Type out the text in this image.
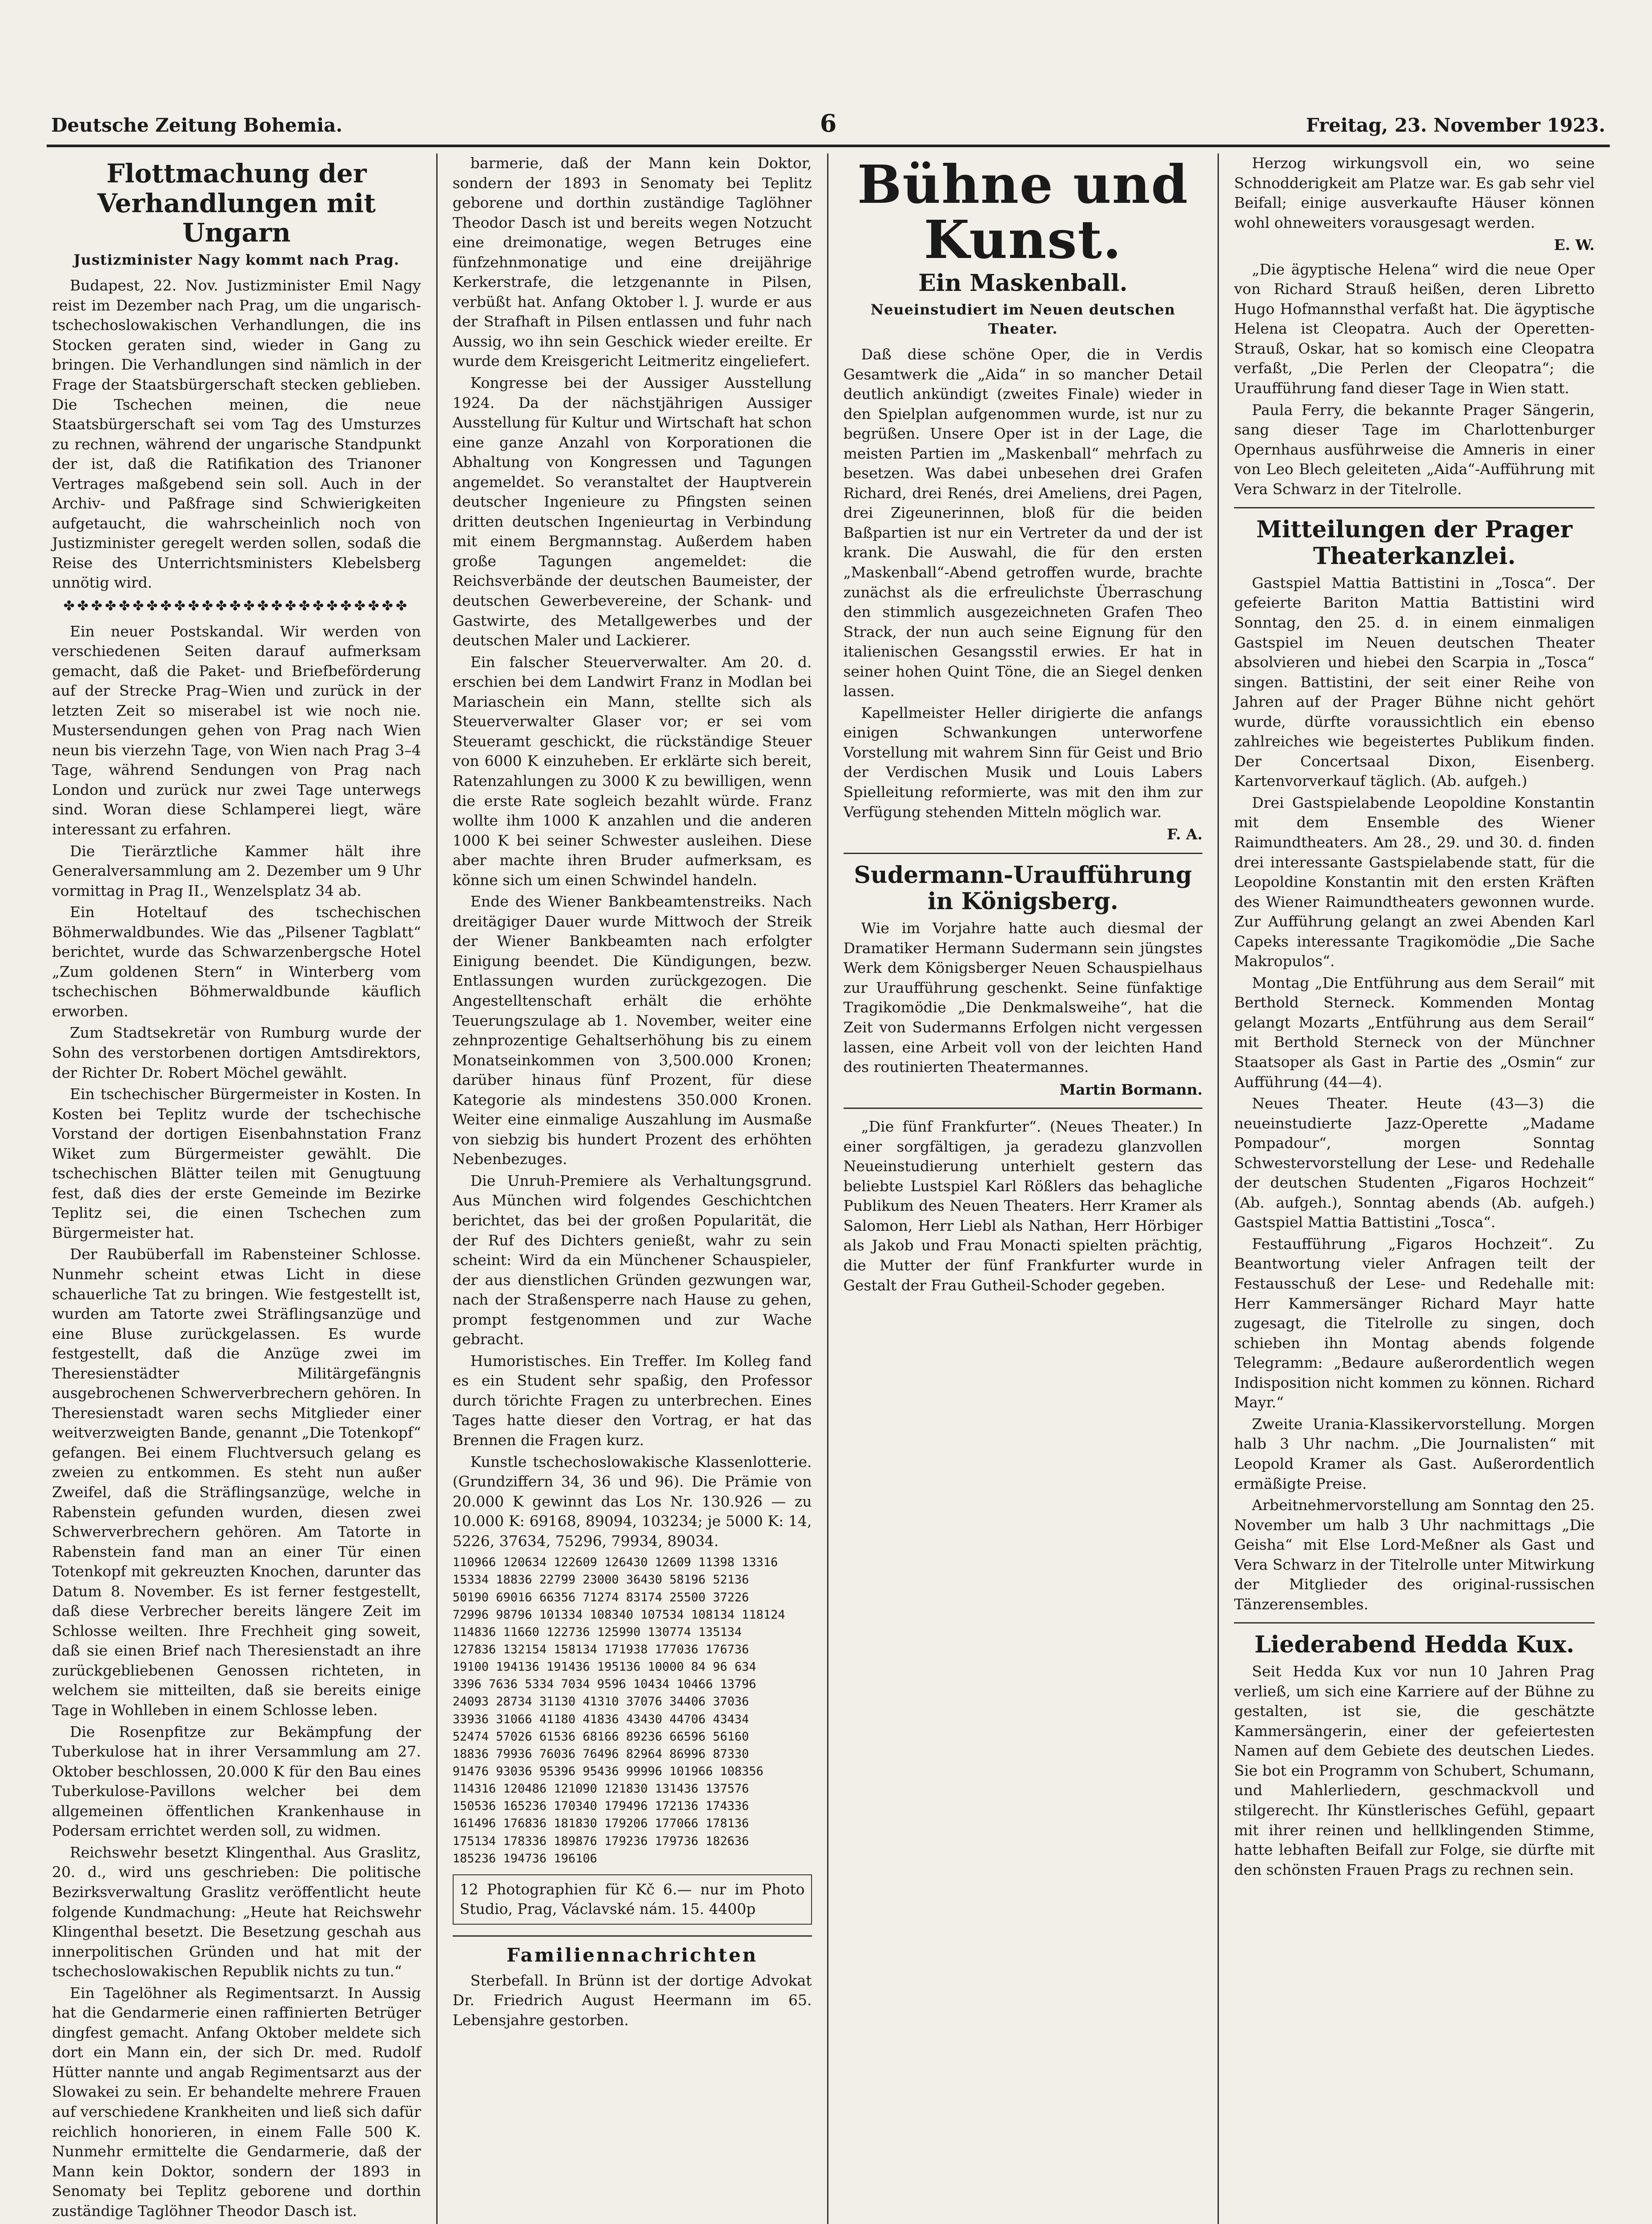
Deutsche Zeitung Bohemia.	6	Freitag, 23. November 1923.
Flottmachung der Verhandlungen mit Ungarn
Justizminister Nagy kommt nach Prag.

Budapest, 22. Nov. Justizminister Emil Nagy reist im Dezember nach Prag, um die ungarisch-tschechoslowakischen Verhandlungen, die ins Stocken geraten sind, wieder in Gang zu bringen. Die Verhandlungen sind nämlich in der Frage der Staatsbürgerschaft stecken geblieben. Die Tschechen meinen, die neue Staatsbürgerschaft sei vom Tag des Umsturzes zu rechnen, während der ungarische Standpunkt der ist, daß die Ratifikation des Trianoner Vertrages maßgebend sein soll. Auch in der Archiv- und Paßfrage sind Schwierigkeiten aufgetaucht, die wahrscheinlich noch von Justizminister geregelt werden sollen, sodaß die Reise des Unterrichtsministers Klebelsberg unnötig wird.

✤✤✤✤✤✤✤✤✤✤✤✤✤✤✤✤✤✤✤✤✤✤✤✤✤

Ein neuer Postskandal. Wir werden von verschiedenen Seiten darauf aufmerksam gemacht, daß die Paket- und Briefbeförderung auf der Strecke Prag–Wien und zurück in der letzten Zeit so miserabel ist wie noch nie. Mustersendungen gehen von Prag nach Wien neun bis vierzehn Tage, von Wien nach Prag 3–4 Tage, während Sendungen von Prag nach London und zurück nur zwei Tage unterwegs sind. Woran diese Schlamperei liegt, wäre interessant zu erfahren.

Die Tierärztliche Kammer hält ihre Generalversammlung am 2. Dezember um 9 Uhr vormittag in Prag II., Wenzelsplatz 34 ab.

Ein Hoteltauf des tschechischen Böhmerwaldbundes. Wie das „Pilsener Tagblatt“ berichtet, wurde das Schwarzenbergsche Hotel „Zum goldenen Stern“ in Winterberg vom tschechischen Böhmerwaldbunde käuflich erworben.

Zum Stadtsekretär von Rumburg wurde der Sohn des verstorbenen dortigen Amtsdirektors, der Richter Dr. Robert Möchel gewählt.

Ein tschechischer Bürgermeister in Kosten. In Kosten bei Teplitz wurde der tschechische Vorstand der dortigen Eisenbahnstation Franz Wiket zum Bürgermeister gewählt. Die tschechischen Blätter teilen mit Genugtuung fest, daß dies der erste Gemeinde im Bezirke Teplitz sei, die einen Tschechen zum Bürgermeister hat.

Der Raubüberfall im Rabensteiner Schlosse. Nunmehr scheint etwas Licht in diese schauerliche Tat zu bringen. Wie festgestellt ist, wurden am Tatorte zwei Sträflingsanzüge und eine Bluse zurückgelassen. Es wurde festgestellt, daß die Anzüge zwei im Theresienstädter Militärgefängnis ausgebrochenen Schwerverbrechern gehören. In Theresienstadt waren sechs Mitglieder einer weitverzweigten Bande, genannt „Die Totenkopf“ gefangen. Bei einem Fluchtversuch gelang es zweien zu entkommen. Es steht nun außer Zweifel, daß die Sträflingsanzüge, welche in Rabenstein gefunden wurden, diesen zwei Schwerverbrechern gehören. Am Tatorte in Rabenstein fand man an einer Tür einen Totenkopf mit gekreuzten Knochen, darunter das Datum 8. November. Es ist ferner festgestellt, daß diese Verbrecher bereits längere Zeit im Schlosse weilten. Ihre Frechheit ging soweit, daß sie einen Brief nach Theresienstadt an ihre zurückgebliebenen Genossen richteten, in welchem sie mitteilten, daß sie bereits einige Tage in Wohlleben in einem Schlosse leben.

Die Rosenpfitze zur Bekämpfung der Tuberkulose hat in ihrer Versammlung am 27. Oktober beschlossen, 20.000 K für den Bau eines Tuberkulose-Pavillons welcher bei dem allgemeinen öffentlichen Krankenhause in Podersam errichtet werden soll, zu widmen.

Reichswehr besetzt Klingenthal. Aus Graslitz, 20. d., wird uns geschrieben: Die politische Bezirksverwaltung Graslitz veröffentlicht heute folgende Kundmachung: „Heute hat Reichswehr Klingenthal besetzt. Die Besetzung geschah aus innerpolitischen Gründen und hat mit der tschechoslowakischen Republik nichts zu tun.“

Ein Tagelöhner als Regimentsarzt. In Aussig hat die Gendarmerie einen raffinierten Betrüger dingfest gemacht. Anfang Oktober meldete sich dort ein Mann ein, der sich Dr. med. Rudolf Hütter nannte und angab Regimentsarzt aus der Slowakei zu sein. Er behandelte mehrere Frauen auf verschiedene Krankheiten und ließ sich dafür reichlich honorieren, in einem Falle 500 K. Nunmehr ermittelte die Gendarmerie, daß der Mann kein Doktor, sondern der 1893 in Senomaty bei Teplitz geborene und dorthin zuständige Taglöhner Theodor Dasch ist.

barmerie, daß der Mann kein Doktor, sondern der 1893 in Senomaty bei Teplitz geborene und dorthin zuständige Taglöhner Theodor Dasch ist und bereits wegen Notzucht eine dreimonatige, wegen Betruges eine fünfzehnmonatige und eine dreijährige Kerkerstrafe, die letzgenannte in Pilsen, verbüßt hat. Anfang Oktober l. J. wurde er aus der Strafhaft in Pilsen entlassen und fuhr nach Aussig, wo ihn sein Geschick wieder ereilte. Er wurde dem Kreisgericht Leitmeritz eingeliefert.

Kongresse bei der Aussiger Ausstellung 1924. Da der nächstjährigen Aussiger Ausstellung für Kultur und Wirtschaft hat schon eine ganze Anzahl von Korporationen die Abhaltung von Kongressen und Tagungen angemeldet. So veranstaltet der Hauptverein deutscher Ingenieure zu Pfingsten seinen dritten deutschen Ingenieurtag in Verbindung mit einem Bergmannstag. Außerdem haben große Tagungen angemeldet: die Reichsverbände der deutschen Baumeister, der deutschen Gewerbevereine, der Schank- und Gastwirte, des Metallgewerbes und der deutschen Maler und Lackierer.

Ein falscher Steuerverwalter. Am 20. d. erschien bei dem Landwirt Franz in Modlan bei Mariaschein ein Mann, stellte sich als Steuerverwalter Glaser vor; er sei vom Steueramt geschickt, die rückständige Steuer von 6000 K einzuheben. Er erklärte sich bereit, Ratenzahlungen zu 3000 K zu bewilligen, wenn die erste Rate sogleich bezahlt würde. Franz wollte ihm 1000 K anzahlen und die anderen 1000 K bei seiner Schwester ausleihen. Diese aber machte ihren Bruder aufmerksam, es könne sich um einen Schwindel handeln.

Ende des Wiener Bankbeamtenstreiks. Nach dreitägiger Dauer wurde Mittwoch der Streik der Wiener Bankbeamten nach erfolgter Einigung beendet. Die Kündigungen, bezw. Entlassungen wurden zurückgezogen. Die Angestelltenschaft erhält die erhöhte Teuerungszulage ab 1. November, weiter eine zehnprozentige Gehaltserhöhung bis zu einem Monatseinkommen von 3,500.000 Kronen; darüber hinaus fünf Prozent, für diese Kategorie als mindestens 350.000 Kronen. Weiter eine einmalige Auszahlung im Ausmaße von siebzig bis hundert Prozent des erhöhten Nebenbezuges.

Die Unruh-Premiere als Verhaltungsgrund. Aus München wird folgendes Geschichtchen berichtet, das bei der großen Popularität, die der Ruf des Dichters genießt, wahr zu sein scheint: Wird da ein Münchener Schauspieler, der aus dienstlichen Gründen gezwungen war, nach der Straßensperre nach Hause zu gehen, prompt festgenommen und zur Wache gebracht.

Humoristisches. Ein Treffer. Im Kolleg fand es ein Student sehr spaßig, den Professor durch törichte Fragen zu unterbrechen. Eines Tages hatte dieser den Vortrag, er hat das Brennen die Fragen kurz.

Kunstle tschechoslowakische Klassenlotterie. (Grundziffern 34, 36 und 96). Die Prämie von 20.000 K gewinnt das Los Nr. 130.926 — zu 10.000 K: 69168, 89094, 103234; je 5000 K: 14, 5226, 37634, 75296, 79934, 89034.

110966 120634 122609 126430 12609 11398 13316
15334 18836 22799 23000 36430 58196 52136
50190 69016 66356 71274 83174 25500 37226
72996 98796 101334 108340 107534 108134 118124
114836 11660 122736 125990 130774 135134
127836 132154 158134 171938 177036 176736
19100 194136 191436 195136 10000 84 96 634
3396 7636 5334 7034 9596 10434 10466 13796
24093 28734 31130 41310 37076 34406 37036
33936 31066 41180 41836 43430 44706 43434
52474 57026 61536 68166 89236 66596 56160
18836 79936 76036 76496 82964 86996 87330
91476 93036 95396 95436 99996 101966 108356
114316 120486 121090 121830 131436 137576
150536 165236 170340 179496 172136 174336
161496 176836 181830 179206 177066 178136
175134 178336 189876 179236 179736 182636
185236 194736 196106
12 Photographien für Kč 6.— nur im Photo Studio, Prag, Václavské nám. 15. 4400p
Familiennachrichten

Sterbefall. In Brünn ist der dortige Advokat Dr. Friedrich August Heermann im 65. Lebensjahre gestorben.

Bühne und Kunst.
Ein Maskenball.
Neueinstudiert im Neuen deutschen Theater.

Daß diese schöne Oper, die in Verdis Gesamtwerk die „Aida“ in so mancher Detail deutlich ankündigt (zweites Finale) wieder in den Spielplan aufgenommen wurde, ist nur zu begrüßen. Unsere Oper ist in der Lage, die meisten Partien im „Maskenball“ mehrfach zu besetzen. Was dabei unbesehen drei Grafen Richard, drei Renés, drei Ameliens, drei Pagen, drei Zigeunerinnen, bloß für die beiden Baßpartien ist nur ein Vertreter da und der ist krank. Die Auswahl, die für den ersten „Maskenball“-Abend getroffen wurde, brachte zunächst als die erfreulichste Überraschung den stimmlich ausgezeichneten Grafen Theo Strack, der nun auch seine Eignung für den italienischen Gesangsstil erwies. Er hat in seiner hohen Quint Töne, die an Siegel denken lassen.

Kapellmeister Heller dirigierte die anfangs einigen Schwankungen unterworfene Vorstellung mit wahrem Sinn für Geist und Brio der Verdischen Musik und Louis Labers Spielleitung reformierte, was mit den ihm zur Verfügung stehenden Mitteln möglich war.

F. A.
Sudermann-Uraufführung in Königsberg.

Wie im Vorjahre hatte auch diesmal der Dramatiker Hermann Sudermann sein jüngstes Werk dem Königsberger Neuen Schauspielhaus zur Uraufführung geschenkt. Seine fünfaktige Tragikomödie „Die Denkmalsweihe“, hat die Zeit von Sudermanns Erfolgen nicht vergessen lassen, eine Arbeit voll von der leichten Hand des routinierten Theatermannes.

Martin Bormann.

„Die fünf Frankfurter“. (Neues Theater.) In einer sorgfältigen, ja geradezu glanzvollen Neueinstudierung unterhielt gestern das beliebte Lustspiel Karl Rößlers das behagliche Publikum des Neuen Theaters. Herr Kramer als Salomon, Herr Liebl als Nathan, Herr Hörbiger als Jakob und Frau Monacti spielten prächtig, die Mutter der fünf Frankfurter wurde in Gestalt der Frau Gutheil-Schoder gegeben.

Herzog wirkungsvoll ein, wo seine Schnodderigkeit am Platze war. Es gab sehr viel Beifall; einige ausverkaufte Häuser können wohl ohneweiters vorausgesagt werden.

E. W.

„Die ägyptische Helena“ wird die neue Oper von Richard Strauß heißen, deren Libretto Hugo Hofmannsthal verfaßt hat. Die ägyptische Helena ist Cleopatra. Auch der Operetten-Strauß, Oskar, hat so komisch eine Cleopatra verfaßt, „Die Perlen der Cleopatra“; die Uraufführung fand dieser Tage in Wien statt.

Paula Ferry, die bekannte Prager Sängerin, sang dieser Tage im Charlottenburger Opernhaus ausführweise die Amneris in einer von Leo Blech geleiteten „Aida“-Aufführung mit Vera Schwarz in der Titelrolle.

Mitteilungen der Prager Theaterkanzlei.

Gastspiel Mattia Battistini in „Tosca“. Der gefeierte Bariton Mattia Battistini wird Sonntag, den 25. d. in einem einmaligen Gastspiel im Neuen deutschen Theater absolvieren und hiebei den Scarpia in „Tosca“ singen. Battistini, der seit einer Reihe von Jahren auf der Prager Bühne nicht gehört wurde, dürfte voraussichtlich ein ebenso zahlreiches wie begeistertes Publikum finden. Der Concertsaal Dixon, Eisenberg. Kartenvorverkauf täglich. (Ab. aufgeh.)

Drei Gastspielabende Leopoldine Konstantin mit dem Ensemble des Wiener Raimundtheaters. Am 28., 29. und 30. d. finden drei interessante Gastspielabende statt, für die Leopoldine Konstantin mit den ersten Kräften des Wiener Raimundtheaters gewonnen wurde. Zur Aufführung gelangt an zwei Abenden Karl Capeks interessante Tragikomödie „Die Sache Makropulos“.

Montag „Die Entführung aus dem Serail“ mit Berthold Sterneck. Kommenden Montag gelangt Mozarts „Entführung aus dem Serail“ mit Berthold Sterneck von der Münchner Staatsoper als Gast in Partie des „Osmin“ zur Aufführung (44—4).

Neues Theater. Heute (43—3) die neueinstudierte Jazz-Operette „Madame Pompadour“, morgen Sonntag Schwestervorstellung der Lese- und Redehalle der deutschen Studenten „Figaros Hochzeit“ (Ab. aufgeh.), Sonntag abends (Ab. aufgeh.) Gastspiel Mattia Battistini „Tosca“.

Festaufführung „Figaros Hochzeit“. Zu Beantwortung vieler Anfragen teilt der Festausschuß der Lese- und Redehalle mit: Herr Kammersänger Richard Mayr hatte zugesagt, die Titelrolle zu singen, doch schieben ihn Montag abends folgende Telegramm: „Bedaure außerordentlich wegen Indisposition nicht kommen zu können. Richard Mayr.“

Zweite Urania-Klassikervorstellung. Morgen halb 3 Uhr nachm. „Die Journalisten“ mit Leopold Kramer als Gast. Außerordentlich ermäßigte Preise.

Arbeitnehmervorstellung am Sonntag den 25. November um halb 3 Uhr nachmittags „Die Geisha“ mit Else Lord-Meßner als Gast und Vera Schwarz in der Titelrolle unter Mitwirkung der Mitglieder des original-russischen Tänzerensembles.

Liederabend Hedda Kux.

Seit Hedda Kux vor nun 10 Jahren Prag verließ, um sich eine Karriere auf der Bühne zu gestalten, ist sie, die geschätzte Kammersängerin, einer der gefeiertesten Namen auf dem Gebiete des deutschen Liedes. Sie bot ein Programm von Schubert, Schumann, und Mahlerliedern, geschmackvoll und stilgerecht. Ihr Künstlerisches Gefühl, gepaart mit ihrer reinen und hellklingenden Stimme, hatte lebhaften Beifall zur Folge, sie dürfte mit den schönsten Frauen Prags zu rechnen sein.
